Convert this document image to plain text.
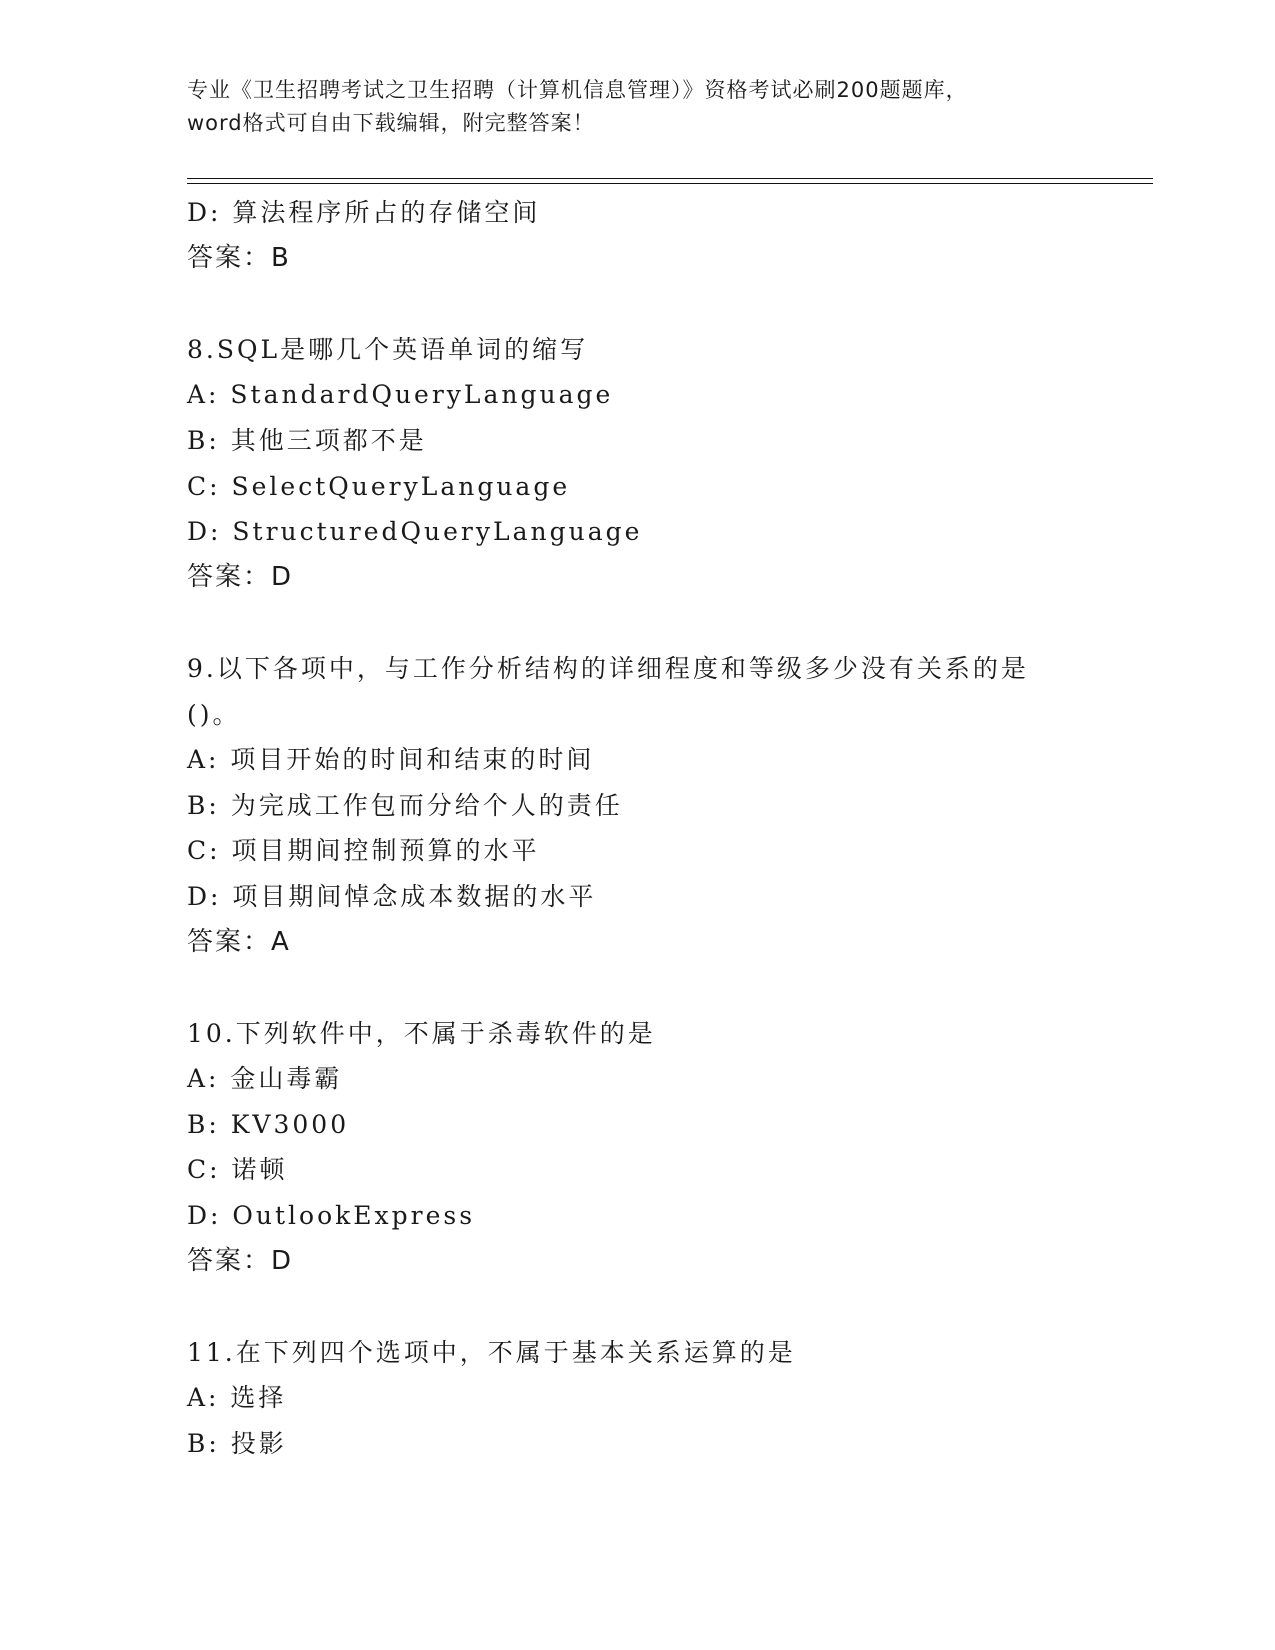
专业《卫生招聘考试之卫生招聘（计算机信息管理）》资格考试必刷200题题库，
word格式可自由下载编辑，附完整答案！
D: 算法程序所占的存储空间
答案：B
8.SQL是哪几个英语单词的缩写
A: StandardQueryLanguage
B: 其他三项都不是
C: SelectQueryLanguage
D: StructuredQueryLanguage
答案：D
9.以下各项中，与工作分析结构的详细程度和等级多少没有关系的是
()。
A: 项目开始的时间和结束的时间
B: 为完成工作包而分给个人的责任
C: 项目期间控制预算的水平
D: 项目期间悼念成本数据的水平
答案：A
10.下列软件中，不属于杀毒软件的是
A: 金山毒霸
B: KV3000
C: 诺顿
D: OutlookExpress
答案：D
11.在下列四个选项中，不属于基本关系运算的是
A: 选择
B: 投影
